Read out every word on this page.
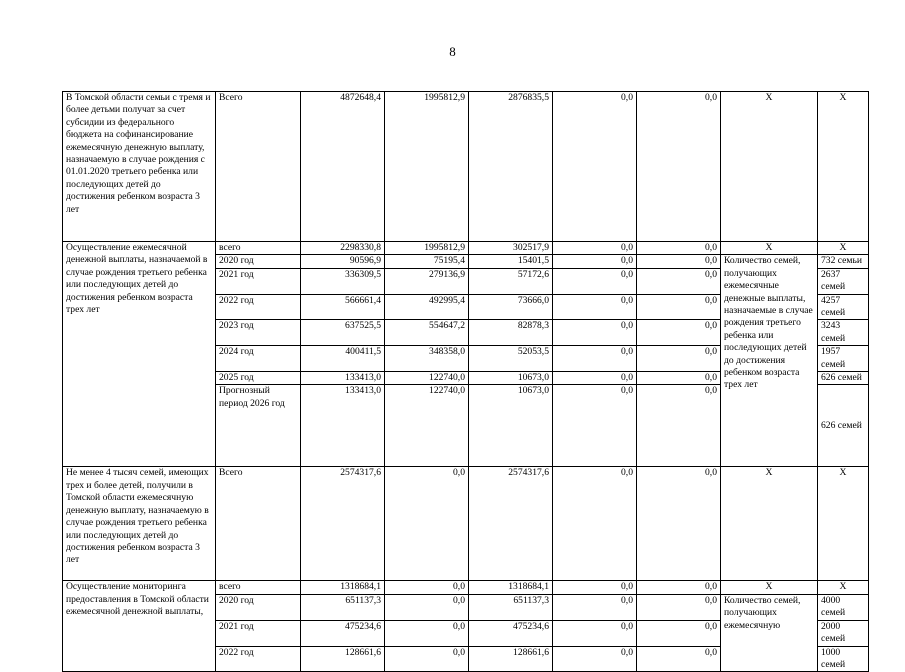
8
В Томской области семьи с тремя и более детьми получат за счет субсидии из федерального бюджета на софинансирование ежемесячную денежную выплату, назначаемую в случае рождения с 01.01.2020 третьего ребенка или последующих детей до достижения ребенком возраста 3 лет	Всего	4872648,4	1995812,9	2876835,5	0,0	0,0	Х	Х
Осуществление ежемесячной денежной выплаты, назначаемой в случае рождения третьего ребенка или последующих детей до достижения ребенком возраста трех лет	всего	2298330,8	1995812,9	302517,9	0,0	0,0	Х	Х
	2020 год	90596,9	75195,4	15401,5	0,0	0,0	Количество семей, получающих ежемесячные денежные выплаты, назначаемые в случае рождения третьего ребенка или последующих детей до достижения ребенком возраста трех лет	732 семьи
	2021 год	336309,5	279136,9	57172,6	0,0	0,0		2637 семей
	2022 год	566661,4	492995,4	73666,0	0,0	0,0		4257 семей
	2023 год	637525,5	554647,2	82878,3	0,0	0,0		3243 семей
	2024 год	400411,5	348358,0	52053,5	0,0	0,0		1957 семей
	2025 год	133413,0	122740,0	10673,0	0,0	0,0		626 семей
	Прогнозный период 2026 год	133413,0	122740,0	10673,0	0,0	0,0		626 семей
Не менее 4 тысяч семей, имеющих трех и более детей, получили в Томской области ежемесячную денежную выплату, назначаемую в случае рождения третьего ребенка или последующих детей до достижения ребенком возраста 3 лет	Всего	2574317,6	0,0	2574317,6	0,0	0,0	Х	Х
Осуществление мониторинга предоставления в Томской области ежемесячной денежной выплаты,	всего	1318684,1	0,0	1318684,1	0,0	0,0	Х	Х
	2020 год	651137,3	0,0	651137,3	0,0	0,0	Количество семей, получающих ежемесячную	4000 семей
	2021 год	475234,6	0,0	475234,6	0,0	0,0		2000 семей
	2022 год	128661,6	0,0	128661,6	0,0	0,0		1000 семей
